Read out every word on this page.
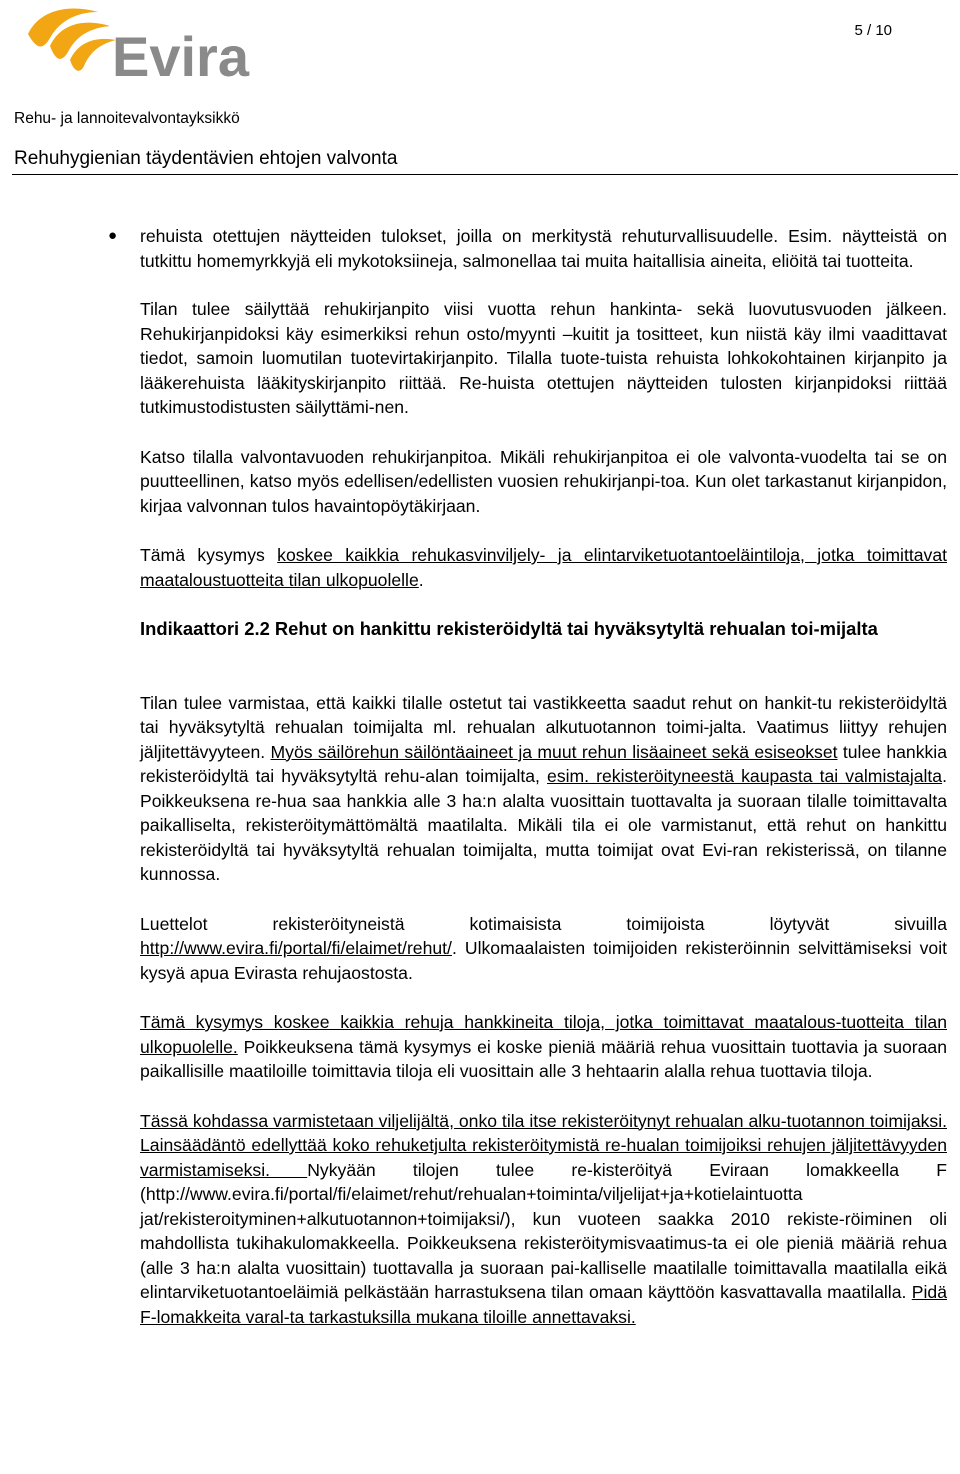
Evira	5 / 10
Rehu- ja lannoitevalvontayksikkö
Rehuhygienian täydentävien ehtojen valvonta
● rehuista otettujen näytteiden tulokset, joilla on merkitystä rehuturvallisuudelle. Esim. näytteistä on tutkittu homemyrkkyjä eli mykotoksiineja, salmonellaa tai muita haitallisia aineita, eliöitä tai tuotteita.

Tilan tulee säilyttää rehukirjanpito viisi vuotta rehun hankinta- sekä luovutusvuoden jälkeen. Rehukirjanpidoksi käy esimerkiksi rehun osto/myynti –kuitit ja tositteet, kun niistä käy ilmi vaadittavat tiedot, samoin luomutilan tuotevirtakirjanpito. Tilalla tuote-tuista rehuista lohkokohtainen kirjanpito ja lääkerehuista lääkityskirjanpito riittää. Re-huista otettujen näytteiden tulosten kirjanpidoksi riittää tutkimustodistusten säilyttämi-nen.

Katso tilalla valvontavuoden rehukirjanpitoa. Mikäli rehukirjanpitoa ei ole valvonta-vuodelta tai se on puutteellinen, katso myös edellisen/edellisten vuosien rehukirjanpi-toa. Kun olet tarkastanut kirjanpidon, kirjaa valvonnan tulos havaintopöytäkirjaan.

Tämä kysymys koskee kaikkia rehukasvinviljely- ja elintarviketuotantoeläintiloja, jotka toimittavat maataloustuotteita tilan ulkopuolelle.

Indikaattori 2.2 Rehut on hankittu rekisteröidyltä tai hyväksytyltä rehualan toi-mijalta

Tilan tulee varmistaa, että kaikki tilalle ostetut tai vastikkeetta saadut rehut on hankit-tu rekisteröidyltä tai hyväksytyltä rehualan toimijalta ml. rehualan alkutuotannon toimi-jalta. Vaatimus liittyy rehujen jäljitettävyyteen. Myös säilörehun säilöntäaineet ja muut rehun lisäaineet sekä esiseokset tulee hankkia rekisteröidyltä tai hyväksytyltä rehu-alan toimijalta, esim. rekisteröityneestä kaupasta tai valmistajalta. Poikkeuksena re-hua saa hankkia alle 3 ha:n alalta vuosittain tuottavalta ja suoraan tilalle toimittavalta paikalliselta, rekisteröitymättömältä maatilalta. Mikäli tila ei ole varmistanut, että rehut on hankittu rekisteröidyltä tai hyväksytyltä rehualan toimijalta, mutta toimijat ovat Evi-ran rekisterissä, on tilanne kunnossa.

Luettelot rekisteröityneistä kotimaisista toimijoista löytyvät sivuilla
http://www.evira.fi/portal/fi/elaimet/rehut/. Ulkomaalaisten toimijoiden rekisteröinnin selvittämiseksi voit kysyä apua Evirasta rehujaostosta.

Tämä kysymys koskee kaikkia rehuja hankkineita tiloja, jotka toimittavat maatalous-tuotteita tilan ulkopuolelle. Poikkeuksena tämä kysymys ei koske pieniä määriä rehua vuosittain tuottavia ja suoraan paikallisille maatiloille toimittavia tiloja eli vuosittain alle 3 hehtaarin alalla rehua tuottavia tiloja.

Tässä kohdassa varmistetaan viljelijältä, onko tila itse rekisteröitynyt rehualan alku-tuotannon toimijaksi. Lainsäädäntö edellyttää koko rehuketjulta rekisteröitymistä re-hualan toimijoiksi rehujen jäljitettävyyden varmistamiseksi. Nykyään tilojen tulee re-kisteröityä Eviraan lomakkeella F (http://www.evira.fi/portal/fi/elaimet/rehut/rehualan+toiminta/viljelijat+ja+kotielaintuotta jat/rekisteroityminen+alkutuotannon+toimijaksi/), kun vuoteen saakka 2010 rekiste-röiminen oli mahdollista tukihakulomakkeella. Poikkeuksena rekisteröitymisvaatimus-ta ei ole pieniä määriä rehua (alle 3 ha:n alalta vuosittain) tuottavalla ja suoraan pai-kalliselle maatilalle toimittavalla maatilalla eikä elintarviketuotantoeläimiä pelkästään harrastuksena tilan omaan käyttöön kasvattavalla maatilalla. Pidä F-lomakkeita varal-ta tarkastuksilla mukana tiloille annettavaksi.
